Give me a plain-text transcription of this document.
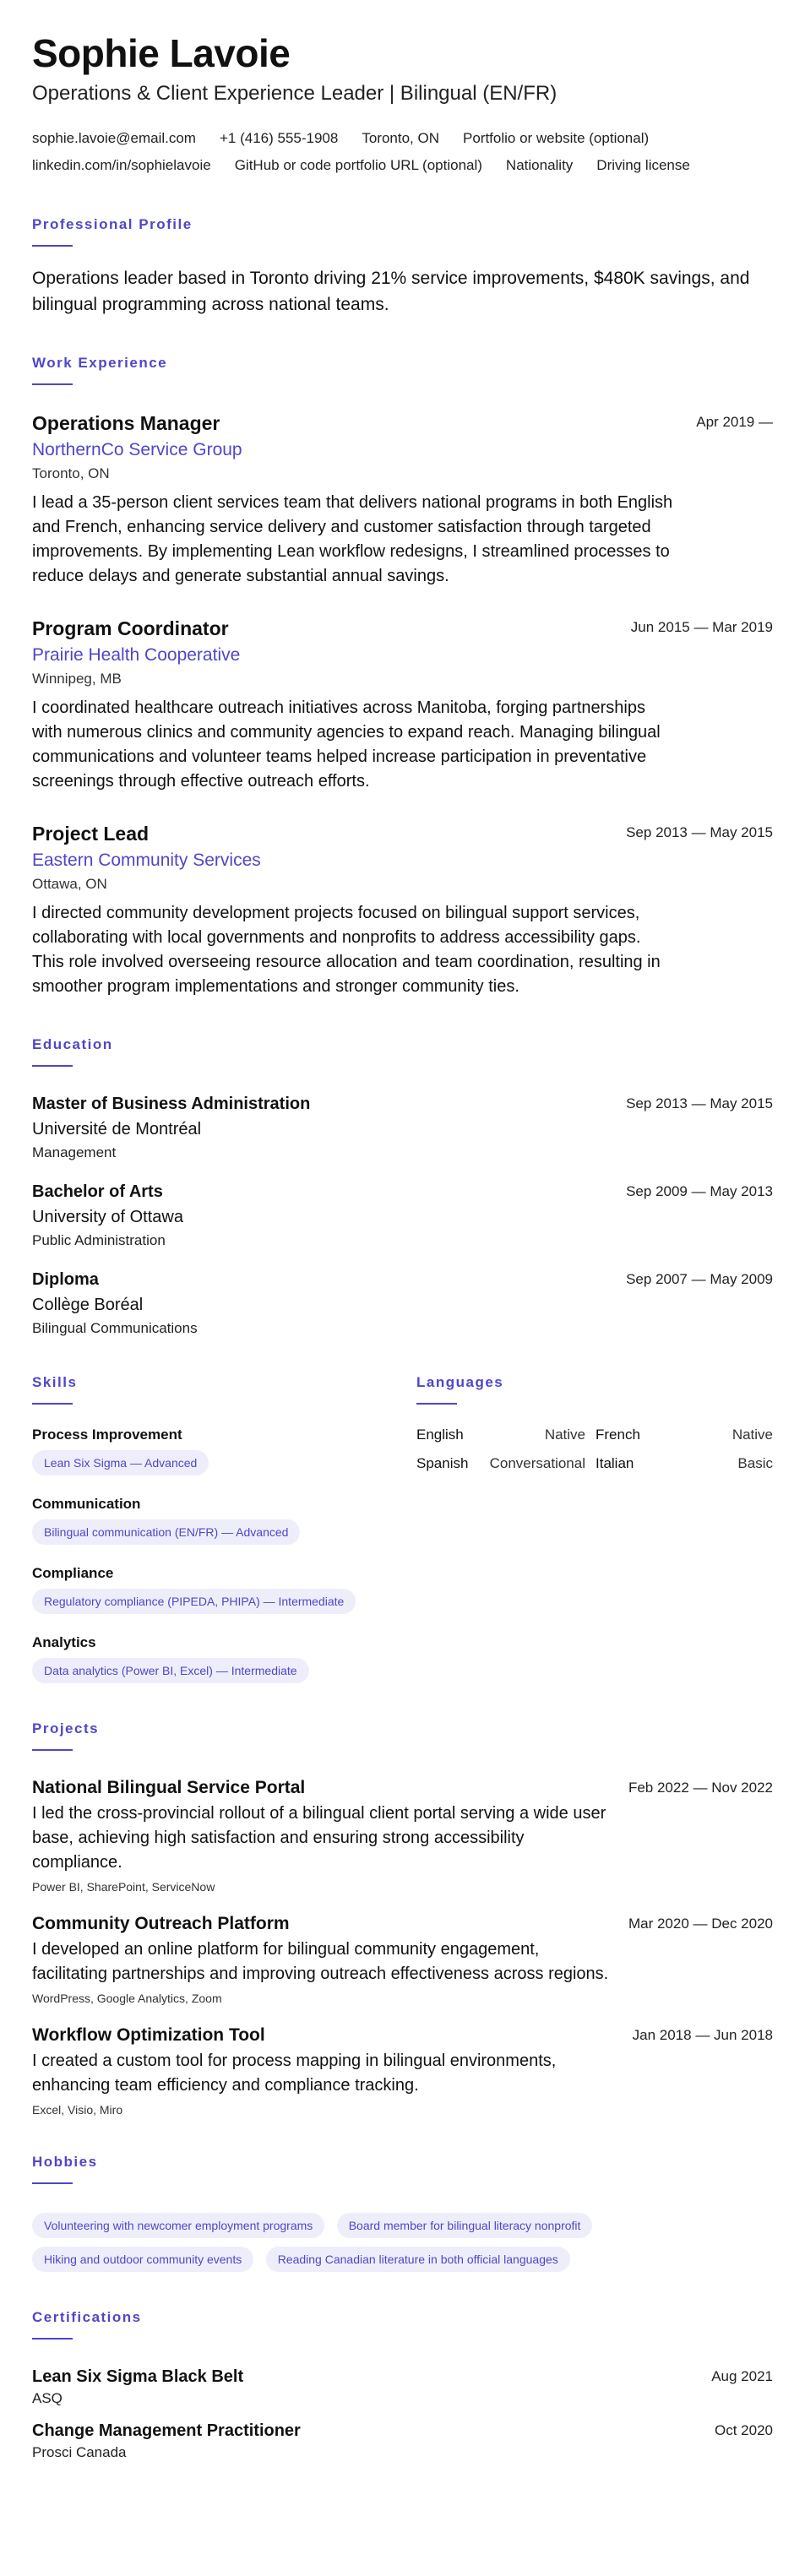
Sophie Lavoie
Operations & Client Experience Leader | Bilingual (EN/FR)
sophie.lavoie@email.com +1 (416) 555-1908 Toronto, ON Portfolio or website (optional)
linkedin.com/in/sophielavoie GitHub or code portfolio URL (optional) Nationality Driving license
Professional Profile
Operations leader based in Toronto driving 21% service improvements, $480K savings, and bilingual programming across national teams.
Work Experience
Operations Manager
NorthernCo Service Group
Toronto, ON
I lead a 35-person client services team that delivers national programs in both English and French, enhancing service delivery and customer satisfaction through targeted improvements. By implementing Lean workflow redesigns, I streamlined processes to reduce delays and generate substantial annual savings.
Apr 2019 —
Program Coordinator
Prairie Health Cooperative
Winnipeg, MB
I coordinated healthcare outreach initiatives across Manitoba, forging partnerships with numerous clinics and community agencies to expand reach. Managing bilingual communications and volunteer teams helped increase participation in preventative screenings through effective outreach efforts.
Jun 2015 — Mar 2019
Project Lead
Eastern Community Services
Ottawa, ON
I directed community development projects focused on bilingual support services, collaborating with local governments and nonprofits to address accessibility gaps. This role involved overseeing resource allocation and team coordination, resulting in smoother program implementations and stronger community ties.
Sep 2013 — May 2015
Education
Master of Business Administration
Université de Montréal
Management
Sep 2013 — May 2015
Bachelor of Arts
University of Ottawa
Public Administration
Sep 2009 — May 2013
Diploma
Collège Boréal
Bilingual Communications
Sep 2007 — May 2009
Skills
Process Improvement
Lean Six Sigma — Advanced
Communication
Bilingual communication (EN/FR) — Advanced
Compliance
Regulatory compliance (PIPEDA, PHIPA) — Intermediate
Analytics
Data analytics (Power BI, Excel) — Intermediate
Languages
English	Native French	Native
Spanish Conversational Italian	Basic
Projects
National Bilingual Service Portal
I led the cross-provincial rollout of a bilingual client portal serving a wide user base, achieving high satisfaction and ensuring strong accessibility compliance.
Power BI, SharePoint, ServiceNow
Feb 2022 — Nov 2022
Community Outreach Platform
I developed an online platform for bilingual community engagement, facilitating partnerships and improving outreach effectiveness across regions.
WordPress, Google Analytics, Zoom
Mar 2020 — Dec 2020
Workflow Optimization Tool
I created a custom tool for process mapping in bilingual environments, enhancing team efficiency and compliance tracking.
Excel, Visio, Miro
Jan 2018 — Jun 2018
Hobbies
Volunteering with newcomer employment programs	Board member for bilingual literacy nonprofit Hiking and outdoor community events	Reading Canadian literature in both official languages
Certifications
Lean Six Sigma Black Belt
ASQ
Aug 2021
Change Management Practitioner
Prosci Canada
Oct 2020
